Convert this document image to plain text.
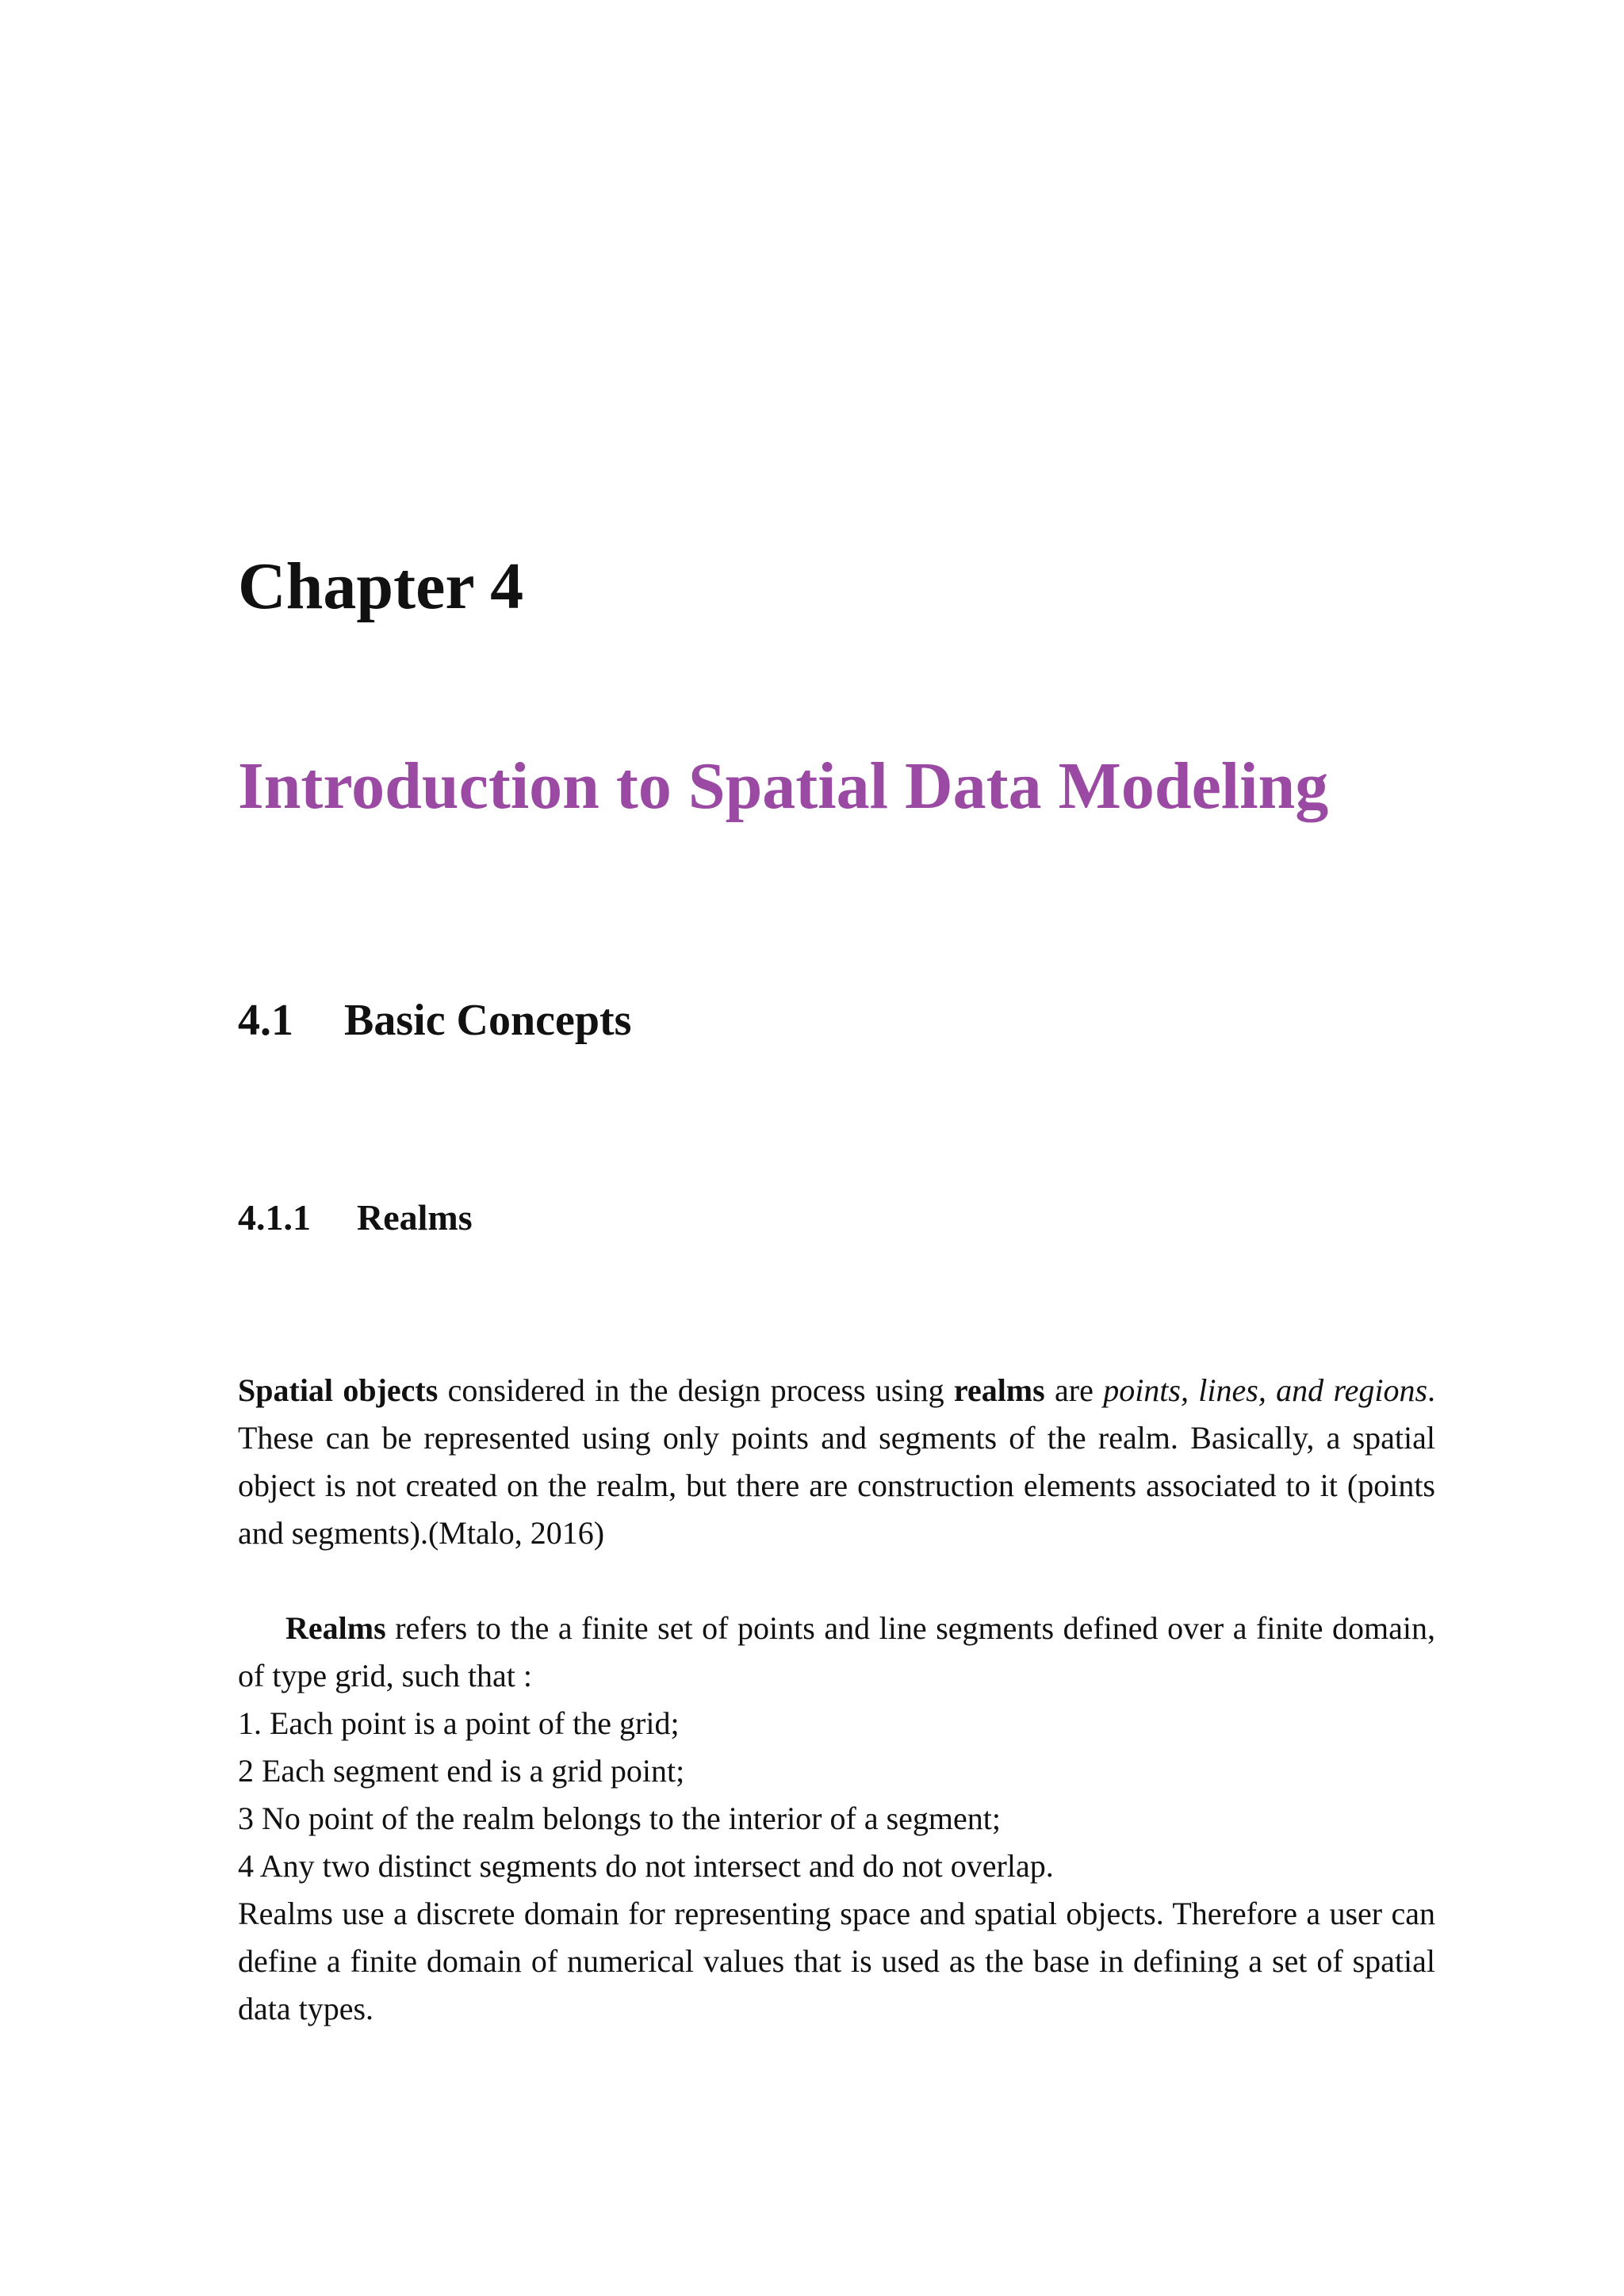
Chapter 4
Introduction to Spatial Data Modeling
4.1 Basic Concepts
4.1.1 Realms

Spatial objects considered in the design process using realms are points, lines, and regions. These can be represented using only points and segments of the realm. Basically, a spatial object is not created on the realm, but there are construction elements associated to it (points and segments).(Mtalo, 2016)

Realms refers to the a finite set of points and line segments defined over a finite domain, of type grid, such that :
1. Each point is a point of the grid;
2 Each segment end is a grid point;
3 No point of the realm belongs to the interior of a segment;
4 Any two distinct segments do not intersect and do not overlap.
Realms use a discrete domain for representing space and spatial objects. Therefore a user can define a finite domain of numerical values that is used as the base in defining a set of spatial data types.
